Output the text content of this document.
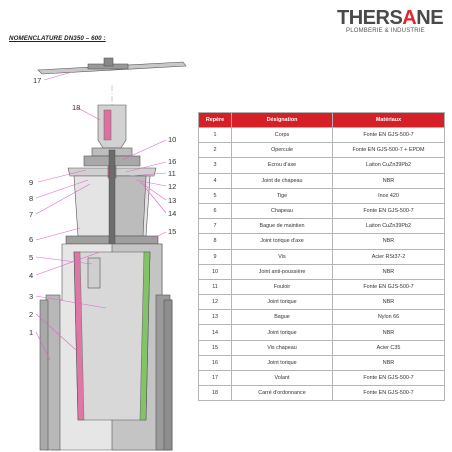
NOMENCLATURE DN350 – 600 :
THERSANE
PLOMBERIE & INDUSTRIE
17
18
10
9
8
7
6
5
4
3
2
1
16
11
12
13
14
15
Repère	Désignation	Matériaux
1	Corps	Fonte EN GJS-500-7
2	Opercule	Fonte EN GJS-500-7 + EPDM
3	Ecrou d'axe	Laiton CuZn39Pb2
4	Joint de chapeau	NBR
5	Tige	Inox 420
6	Chapeau	Fonte EN GJS-500-7
7	Bague de maintien	Laiton CuZn39Pb2
8	Joint torique d'axe	NBR
9	Vis	Acier RSt37-2
10	Joint anti-poussière	NBR
11	Fouloir	Fonte EN GJS-500-7
12	Joint torique	NBR
13	Bague	Nylon 66
14	Joint torique	NBR
15	Vis chapeau	Acier C35
16	Joint torique	NBR
17	Volant	Fonte EN GJS-500-7
18	Carré d'ordonnance	Fonte EN GJS-500-7
